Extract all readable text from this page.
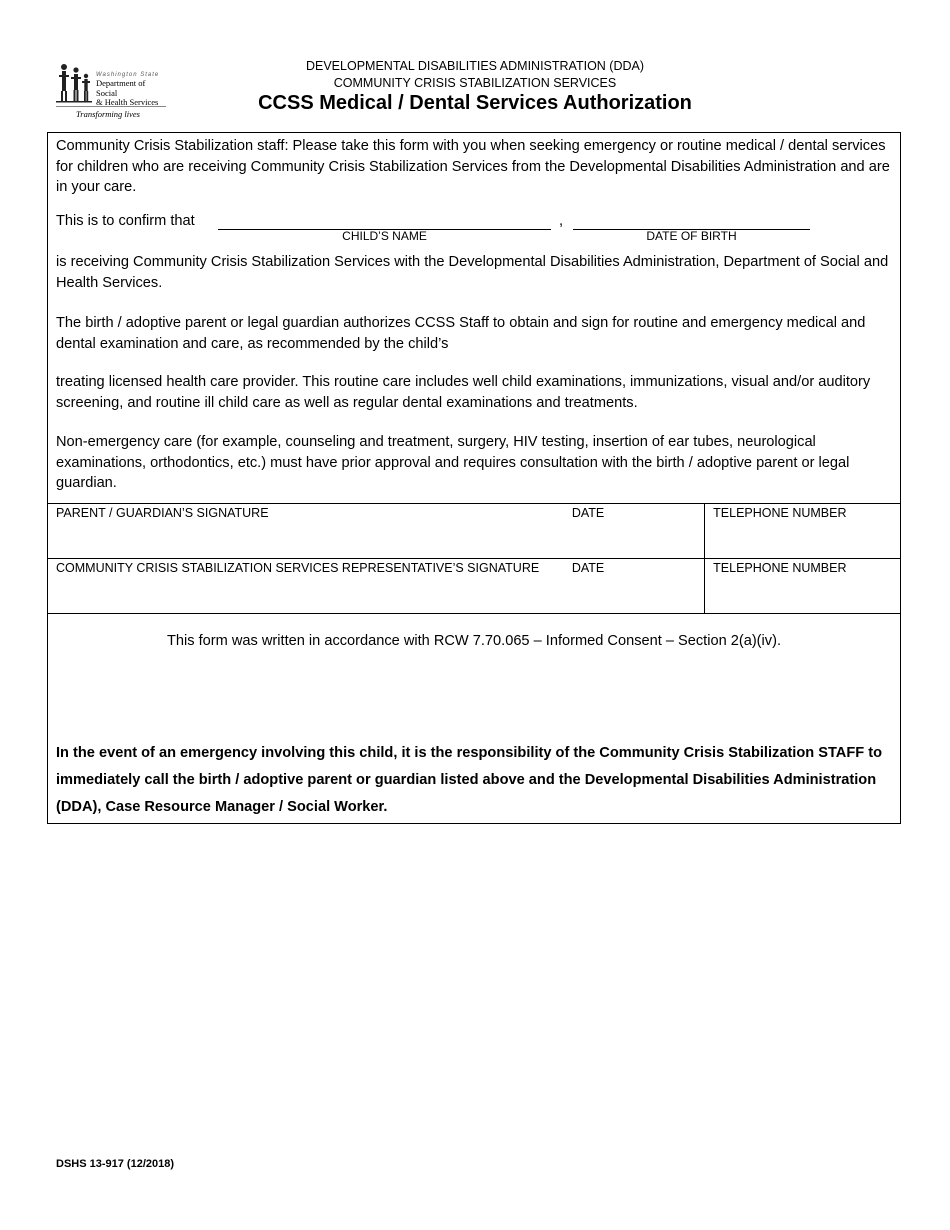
Washington State
Department of Social
& Health Services
Transforming lives
DEVELOPMENTAL DISABILITIES ADMINISTRATION (DDA)
COMMUNITY CRISIS STABILIZATION SERVICES
CCSS Medical / Dental Services Authorization
Community Crisis Stabilization staff: Please take this form with you when seeking emergency or routine medical / dental services for children who are receiving Community Crisis Stabilization Services from the Developmental Disabilities Administration and are in your care.
This is to confirm that	,
CHILD’S NAME	DATE OF BIRTH
is receiving Community Crisis Stabilization Services with the Developmental Disabilities Administration, Department of Social and Health Services.
The birth / adoptive parent or legal guardian authorizes CCSS Staff to obtain and sign for routine and emergency medical and dental examination and care, as recommended by the child’s
treating licensed health care provider. This routine care includes well child examinations, immunizations, visual and/or auditory screening, and routine ill child care as well as regular dental examinations and treatments.
Non-emergency care (for example, counseling and treatment, surgery, HIV testing, insertion of ear tubes, neurological examinations, orthodontics, etc.) must have prior approval and requires consultation with the birth / adoptive parent or legal guardian.
PARENT / GUARDIAN’S SIGNATURE	DATE	TELEPHONE NUMBER
COMMUNITY CRISIS STABILIZATION SERVICES REPRESENTATIVE’S SIGNATURE	DATE	TELEPHONE NUMBER
This form was written in accordance with RCW 7.70.065 – Informed Consent – Section 2(a)(iv).
In the event of an emergency involving this child, it is the responsibility of the Community Crisis Stabilization STAFF to immediately call the birth / adoptive parent or guardian listed above and the Developmental Disabilities Administration (DDA), Case Resource Manager / Social Worker.
DSHS 13-917 (12/2018)
